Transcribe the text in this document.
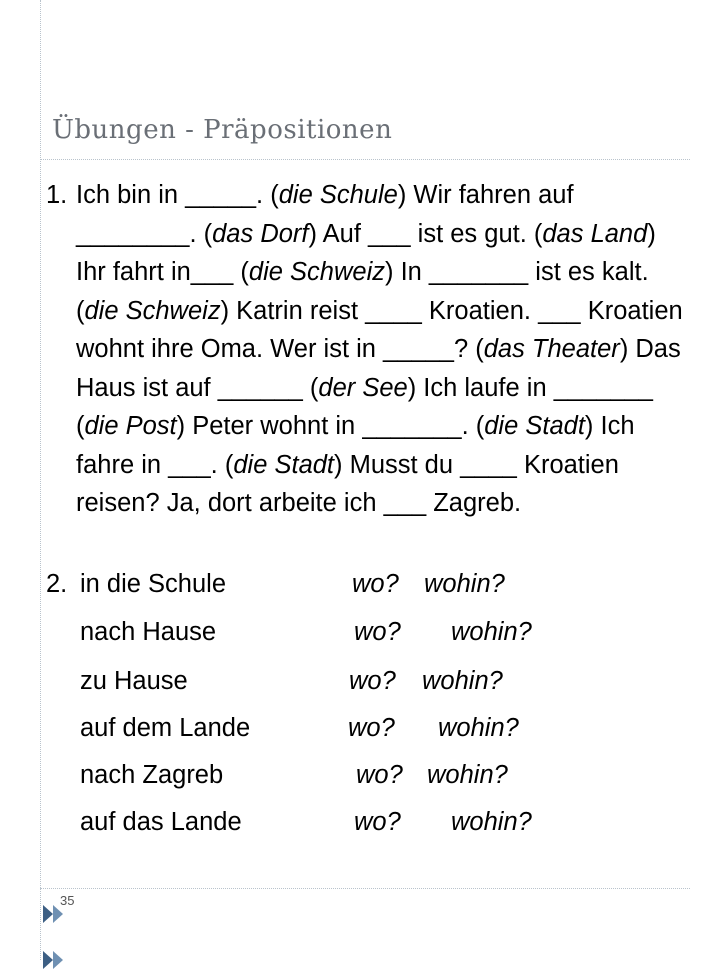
Übungen - Präpositionen
1. Ich bin in _____. (die Schule) Wir fahren auf ________. (das Dorf) Auf ___ ist es gut. (das Land) Ihr fahrt in___ (die Schweiz) In _______ ist es kalt. (die Schweiz) Katrin reist ____ Kroatien. ___ Kroatien wohnt ihre Oma. Wer ist in _____? (das Theater) Das Haus ist auf ______ (der See) Ich laufe in _______ (die Post) Peter wohnt in _______. (die Stadt) Ich fahre in ___. (die Stadt) Musst du ____ Kroatien reisen? Ja, dort arbeite ich ___ Zagreb.
2. in die Schule	wo? wohin?
nach Hause	wo? wohin?
zu Hause	wo? wohin?
auf dem Lande	wo? wohin?
nach Zagreb	wo? wohin?
auf das Lande	wo? wohin?
35
